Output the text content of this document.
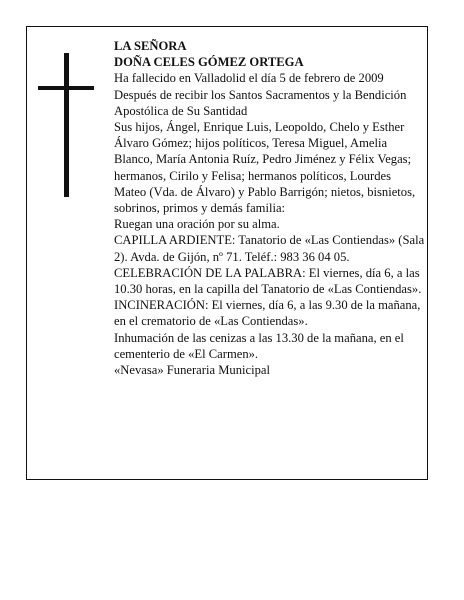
LA SEÑORA

DOÑA CELES GÓMEZ ORTEGA

Ha fallecido en Valladolid el día 5 de febrero de 2009

Después de recibir los Santos Sacramentos y la Bendición Apostólica de Su Santidad

Sus hijos, Ángel, Enrique Luis, Leopoldo, Chelo y Esther Álvaro Gómez; hijos políticos, Teresa Miguel, Amelia Blanco, María Antonia Ruíz, Pedro Jiménez y Félix Vegas; hermanos, Cirilo y Felisa; hermanos políticos, Lourdes Mateo (Vda. de Álvaro) y Pablo Barrigón; nietos, bisnietos, sobrinos, primos y demás familia:

Ruegan una oración por su alma.

CAPILLA ARDIENTE: Tanatorio de «Las Contiendas» (Sala 2). Avda. de Gijón, nº 71. Teléf.: 983 36 04 05.

CELEBRACIÓN DE LA PALABRA: El viernes, día 6, a las 10.30 horas, en la capilla del Tanatorio de «Las Contiendas».

INCINERACIÓN: El viernes, día 6, a las 9.30 de la mañana, en el crematorio de «Las Contiendas».

Inhumación de las cenizas a las 13.30 de la mañana, en el cementerio de «El Carmen».

«Nevasa» Funeraria Municipal
